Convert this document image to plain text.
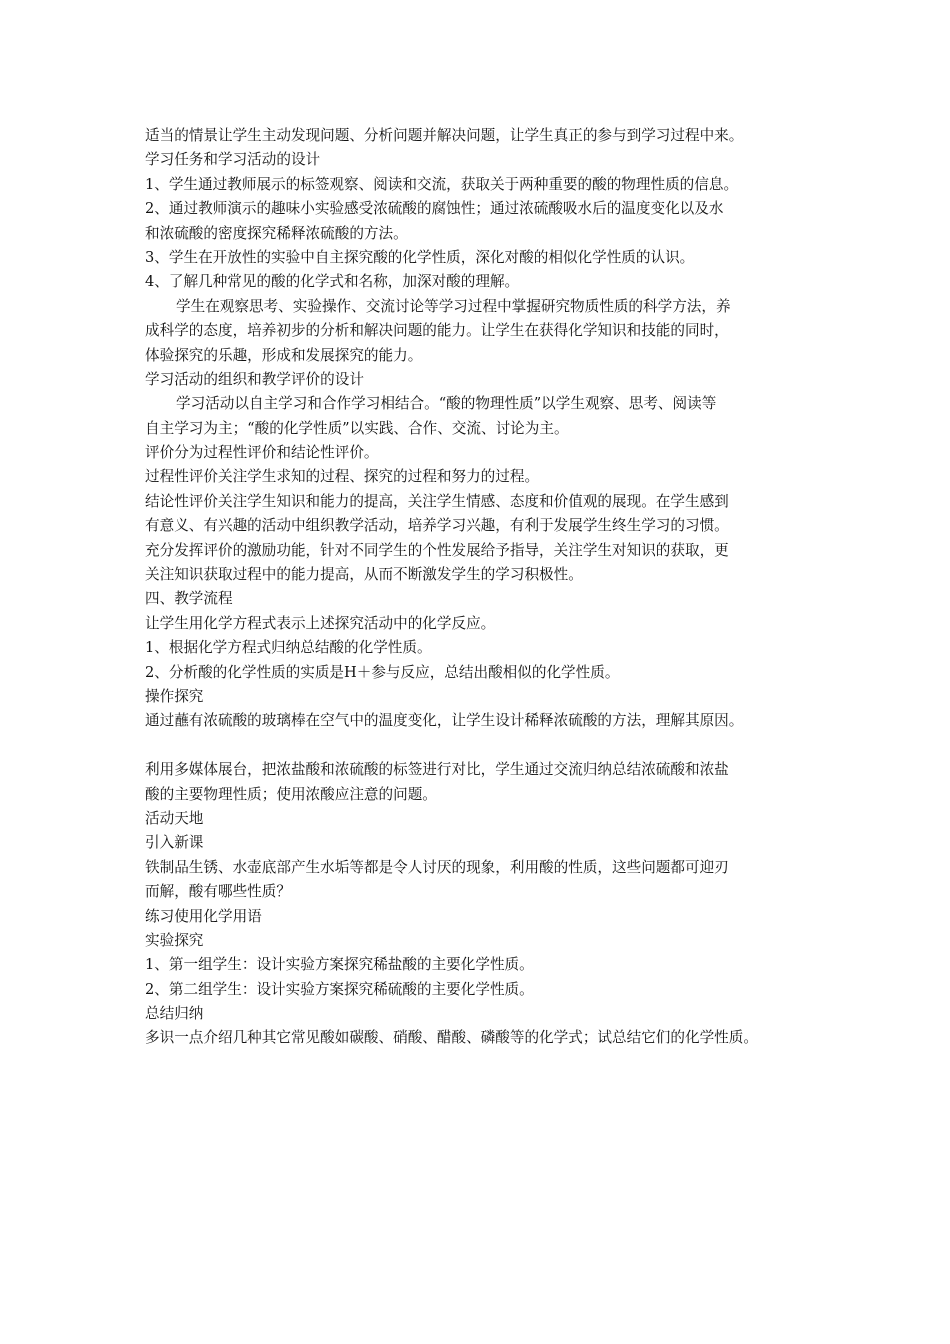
适当的情景让学生主动发现问题、分析问题并解决问题，让学生真正的参与到学习过程中来。
学习任务和学习活动的设计
1、学生通过教师展示的标签观察、阅读和交流，获取关于两种重要的酸的物理性质的信息。
2、通过教师演示的趣味小实验感受浓硫酸的腐蚀性；通过浓硫酸吸水后的温度变化以及水
和浓硫酸的密度探究稀释浓硫酸的方法。
3、学生在开放性的实验中自主探究酸的化学性质，深化对酸的相似化学性质的认识。
4、了解几种常见的酸的化学式和名称，加深对酸的理解。
学生在观察思考、实验操作、交流讨论等学习过程中掌握研究物质性质的科学方法，养
成科学的态度，培养初步的分析和解决问题的能力。让学生在获得化学知识和技能的同时，
体验探究的乐趣，形成和发展探究的能力。
学习活动的组织和教学评价的设计
学习活动以自主学习和合作学习相结合。“酸的物理性质”以学生观察、思考、阅读等
自主学习为主；“酸的化学性质”以实践、合作、交流、讨论为主。
评价分为过程性评价和结论性评价。
过程性评价关注学生求知的过程、探究的过程和努力的过程。
结论性评价关注学生知识和能力的提高，关注学生情感、态度和价值观的展现。在学生感到
有意义、有兴趣的活动中组织教学活动，培养学习兴趣，有利于发展学生终生学习的习惯。
充分发挥评价的激励功能，针对不同学生的个性发展给予指导，关注学生对知识的获取，更
关注知识获取过程中的能力提高，从而不断激发学生的学习积极性。
四、教学流程
让学生用化学方程式表示上述探究活动中的化学反应。
1、根据化学方程式归纳总结酸的化学性质。
2、分析酸的化学性质的实质是H＋参与反应，总结出酸相似的化学性质。
操作探究
通过蘸有浓硫酸的玻璃棒在空气中的温度变化，让学生设计稀释浓硫酸的方法，理解其原因。
利用多媒体展台，把浓盐酸和浓硫酸的标签进行对比，学生通过交流归纳总结浓硫酸和浓盐
酸的主要物理性质；使用浓酸应注意的问题。
活动天地
引入新课
铁制品生锈、水壶底部产生水垢等都是令人讨厌的现象，利用酸的性质，这些问题都可迎刃
而解，酸有哪些性质？
练习使用化学用语
实验探究
1、第一组学生：设计实验方案探究稀盐酸的主要化学性质。
2、第二组学生：设计实验方案探究稀硫酸的主要化学性质。
总结归纳
多识一点介绍几种其它常见酸如碳酸、硝酸、醋酸、磷酸等的化学式；试总结它们的化学性质。
